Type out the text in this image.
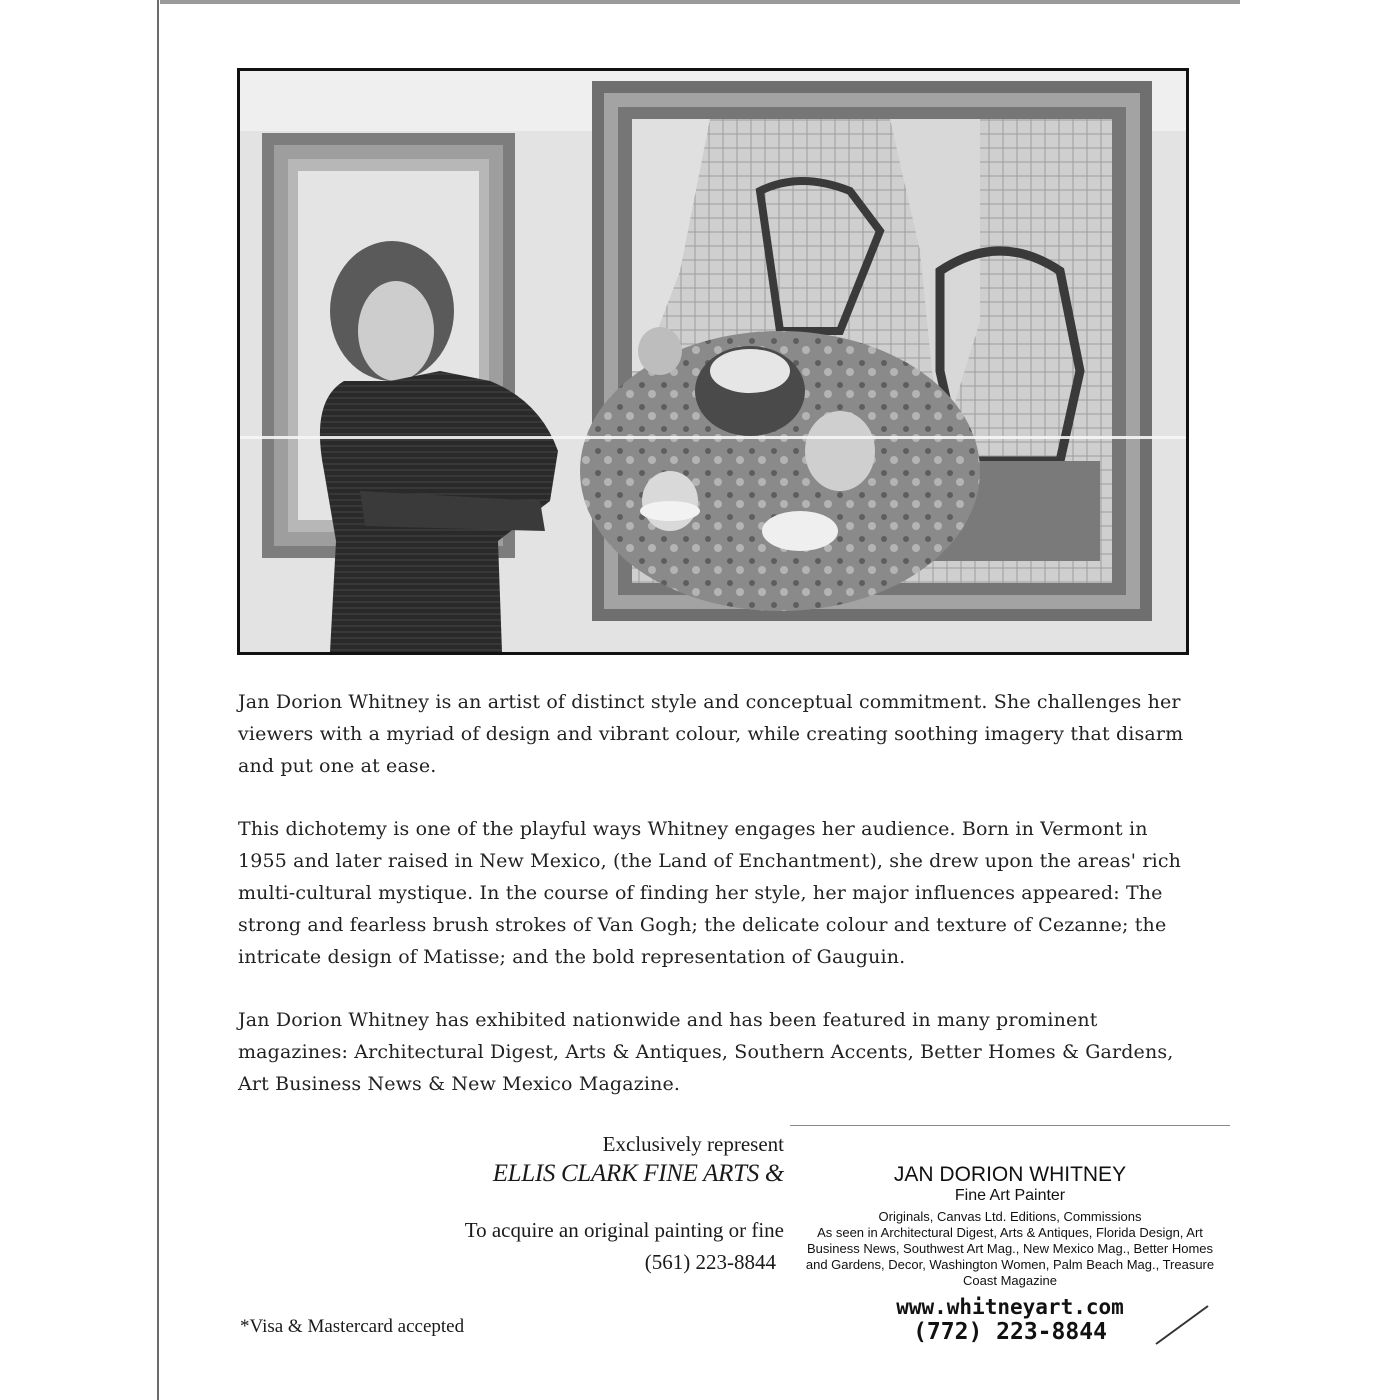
Jan Dorion Whitney is an artist of distinct style and conceptual commitment. She challenges her viewers with a myriad of design and vibrant colour, while creating soothing imagery that disarm and put one at ease.

This dichotemy is one of the playful ways Whitney engages her audience. Born in Vermont in 1955 and later raised in New Mexico, (the Land of Enchantment), she drew upon the areas' rich multi-cultural mystique. In the course of finding her style, her major influences appeared: The strong and fearless brush strokes of Van Gogh; the delicate colour and texture of Cezanne; the intricate design of Matisse; and the bold representation of Gauguin.

Jan Dorion Whitney has exhibited nationwide and has been featured in many prominent magazines: Architectural Digest, Arts & Antiques, Southern Accents, Better Homes & Gardens, Art Business News & New Mexico Magazine.

Exclusively represent

ELLIS CLARK FINE ARTS &

To acquire an original painting or fine

(561) 223-8844

*Visa & Mastercard accepted

JAN DORION WHITNEY
Fine Art Painter
Originals, Canvas Ltd. Editions, Commissions
As seen in Architectural Digest, Arts & Antiques, Florida Design, Art Business News, Southwest Art Mag., New Mexico Mag., Better Homes and Gardens, Decor, Washington Women, Palm Beach Mag., Treasure Coast Magazine
www.whitneyart.com
(772) 223-8844
